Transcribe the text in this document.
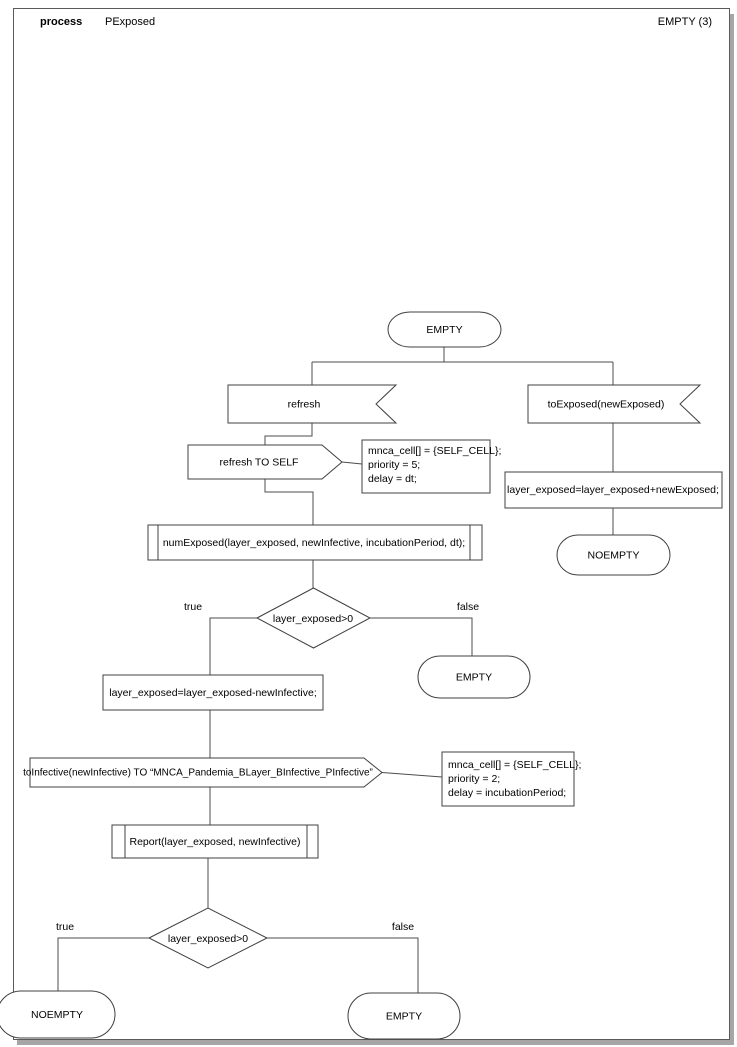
process PExposed	EMPTY (3)
EMPTY
refresh	toExposed(newExposed)
refresh TO SELF
mnca_cell[] = {SELF_CELL};
priority = 5;
delay = dt;
numExposed(layer_exposed, newInfective, incubationPeriod, dt);
layer_exposed>0
true	false
EMPTY
layer_exposed=layer_exposed-newInfective;
toInfective(newInfective) TO “MNCA_Pandemia_BLayer_BInfective_PInfective”
mnca_cell[] = {SELF_CELL};
priority = 2;
delay = incubationPeriod;
Report(layer_exposed, newInfective)
layer_exposed>0
true	false
NOEMPTY	EMPTY
layer_exposed=layer_exposed+newExposed;
NOEMPTY
